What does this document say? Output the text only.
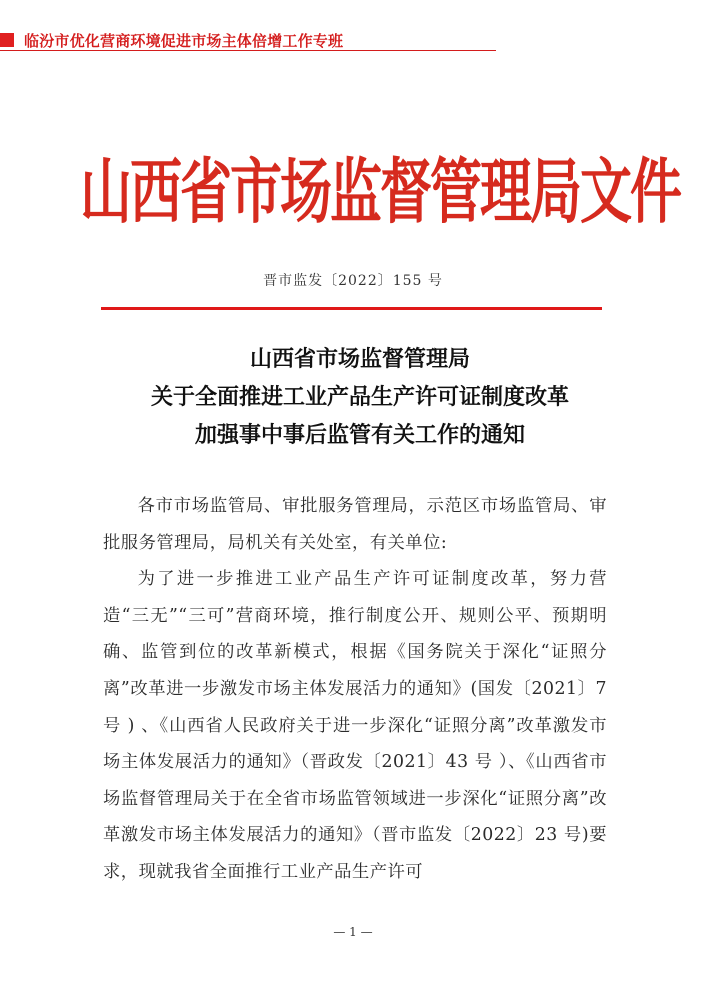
临汾市优化营商环境促进市场主体倍增工作专班
山西省市场监督管理局文件
晋市监发〔2022〕155 号
山西省市场监督管理局
关于全面推进工业产品生产许可证制度改革
加强事中事后监管有关工作的通知

各市市场监管局、审批服务管理局，示范区市场监管局、审批服务管理局，局机关有关处室，有关单位:

为了进一步推进工业产品生产许可证制度改革，努力营造“三无”“三可”营商环境，推行制度公开、规则公平、预期明确、监管到位的改革新模式，根据《国务院关于深化“证照分离”改革进一步激发市场主体发展活力的通知》(国发〔2021〕7 号 ) 、《山西省人民政府关于进一步深化“证照分离”改革激发市场主体发展活力的通知》（晋政发〔2021〕43 号 ）、《山西省市场监督管理局关于在全省市场监管领域进一步深化“证照分离”改革激发市场主体发展活力的通知》（晋市监发〔2022〕23 号)要求，现就我省全面推行工业产品生产许可

— 1 —
